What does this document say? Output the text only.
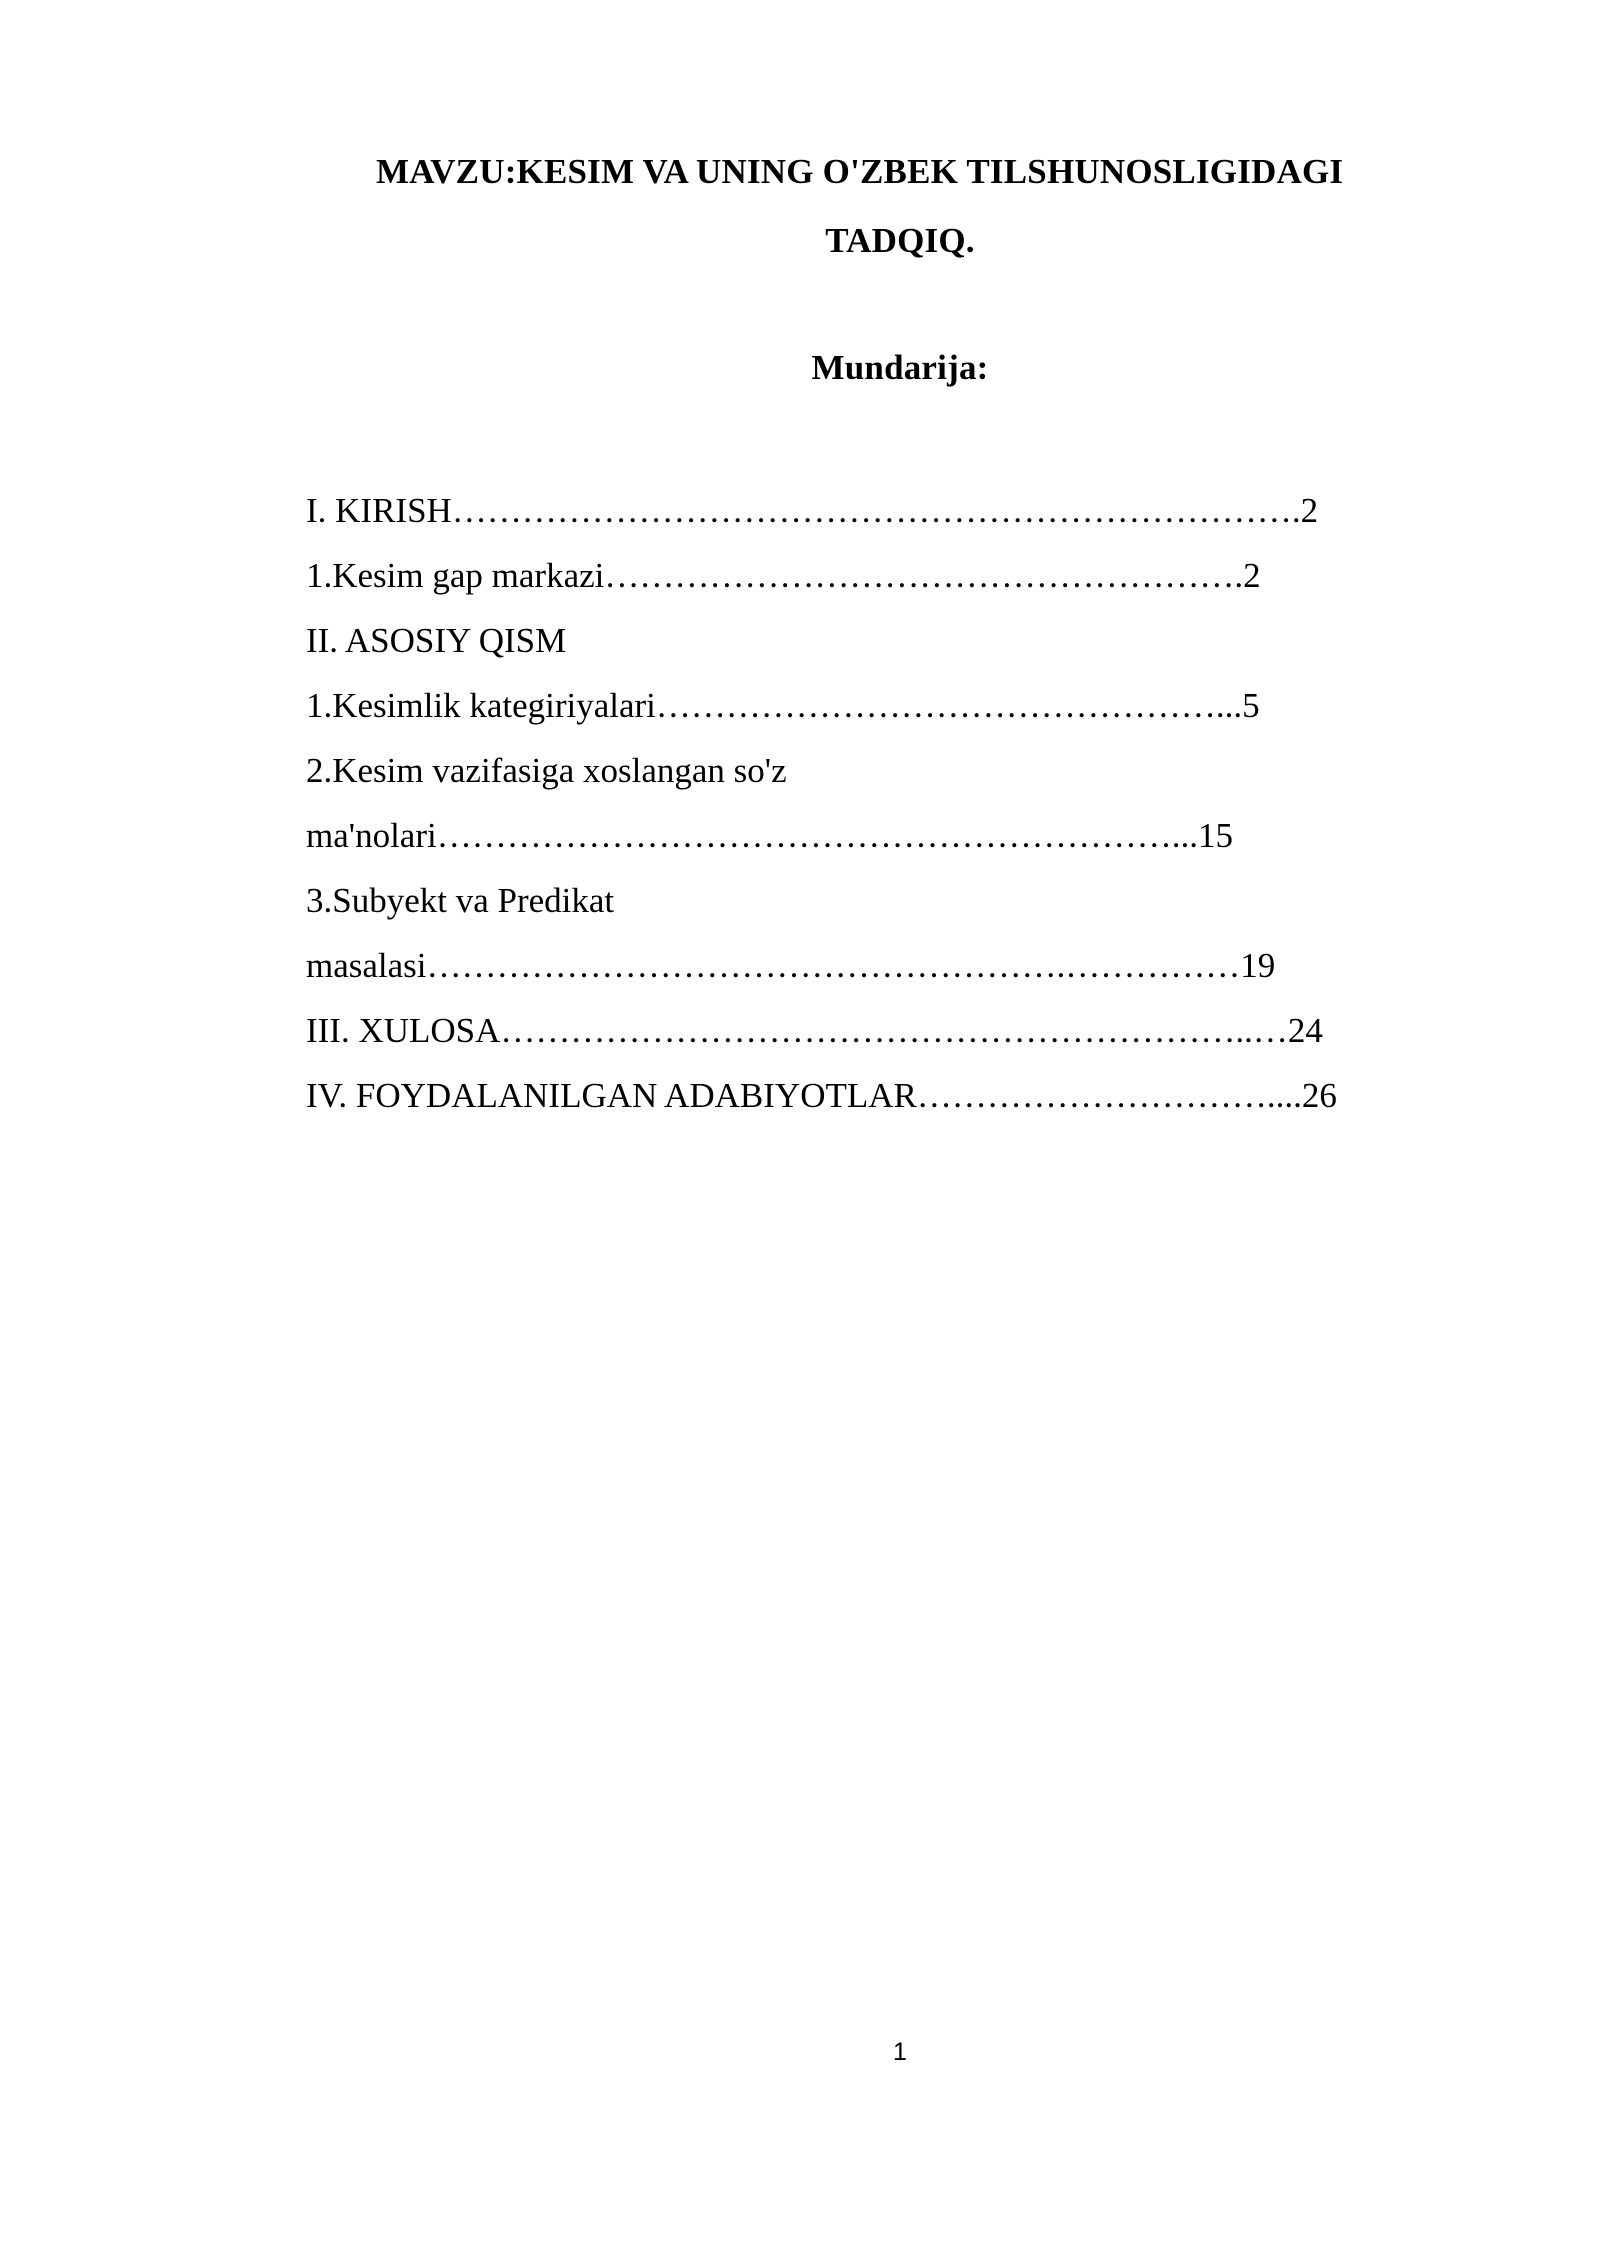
MAVZU:KESIM VA UNING O'ZBEK TILSHUNOSLIGIDAGI
TADQIQ.
Mundarija:
I. KIRISH……………………………………………………………….2
1.Kesim gap markazi……………………………………………….2
II. ASOSIY QISM
1.Kesimlik kategiriyalari…………………………………………...5
2.Kesim vazifasiga xoslangan so'z
ma'nolari………………………………………………………...15
3.Subyekt va Predikat
masalasi……………………………………………….……………19
III. XULOSA………………………………………………………..…24
IV. FOYDALANILGAN ADABIYOTLAR…………………………....26
1
